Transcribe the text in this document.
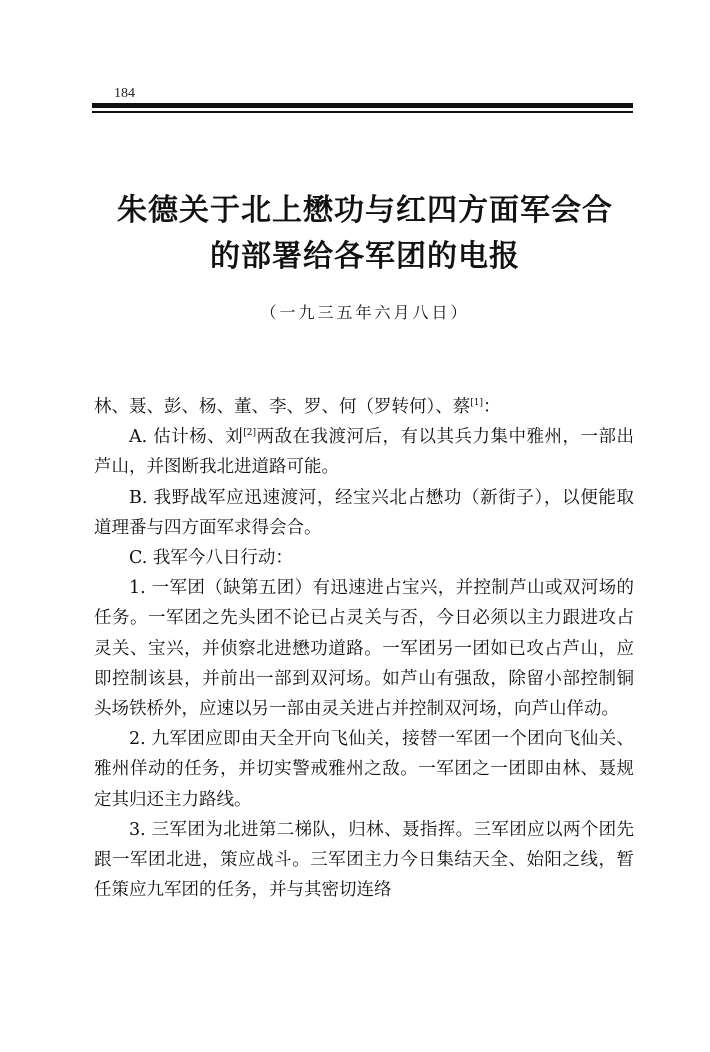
184
朱德关于北上懋功与红四方面军会合
的部署给各军团的电报
（一九三五年六月八日）

林、聂、彭、杨、董、李、罗、何（罗转何）、蔡[1]：

A. 估计杨、刘[2]两敌在我渡河后，有以其兵力集中雅州，一部出芦山，并图断我北进道路可能。

B. 我野战军应迅速渡河，经宝兴北占懋功（新街子），以便能取道理番与四方面军求得会合。

C. 我军今八日行动：

1. 一军团（缺第五团）有迅速进占宝兴，并控制芦山或双河场的任务。一军团之先头团不论已占灵关与否，今日必须以主力跟进攻占灵关、宝兴，并侦察北进懋功道路。一军团另一团如已攻占芦山，应即控制该县，并前出一部到双河场。如芦山有强敌，除留小部控制铜头场铁桥外，应速以另一部由灵关进占并控制双河场，向芦山佯动。

2. 九军团应即由天全开向飞仙关，接替一军团一个团向飞仙关、雅州佯动的任务，并切实警戒雅州之敌。一军团之一团即由林、聂规定其归还主力路线。

3. 三军团为北进第二梯队，归林、聂指挥。三军团应以两个团先跟一军团北进，策应战斗。三军团主力今日集结天全、始阳之线，暂任策应九军团的任务，并与其密切连络
